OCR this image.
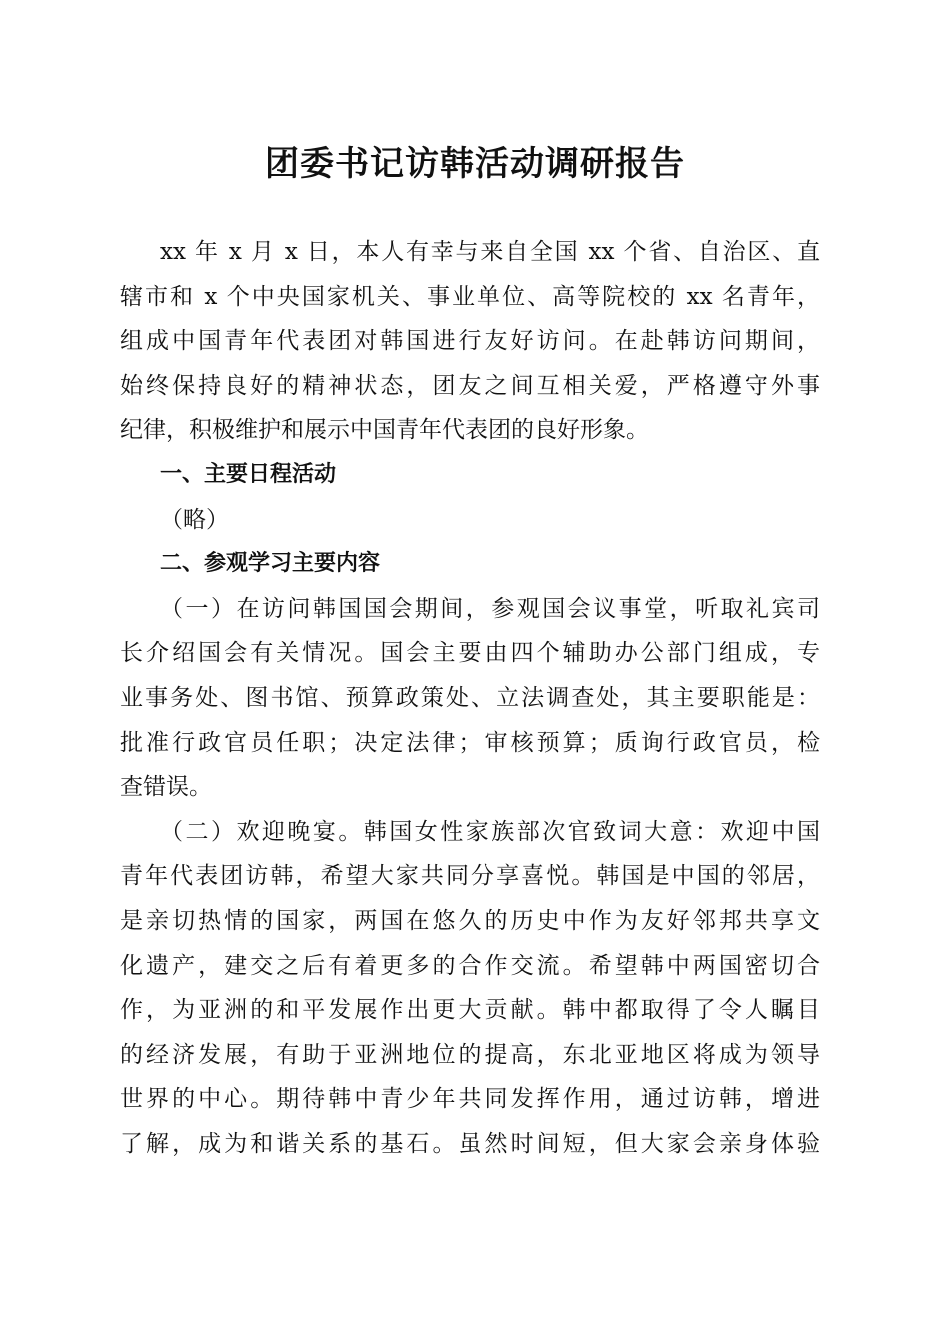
团委书记访韩活动调研报告
xx 年 x 月 x 日，本人有幸与来自全国 xx 个省、自治区、直
辖市和 x 个中央国家机关、事业单位、高等院校的 xx 名青年，
组成中国青年代表团对韩国进行友好访问。在赴韩访问期间，
始终保持良好的精神状态，团友之间互相关爱，严格遵守外事
纪律，积极维护和展示中国青年代表团的良好形象。
一、主要日程活动
（略）
二、参观学习主要内容
（一）在访问韩国国会期间，参观国会议事堂，听取礼宾司
长介绍国会有关情况。国会主要由四个辅助办公部门组成，专
业事务处、图书馆、预算政策处、立法调查处，其主要职能是：
批准行政官员任职；决定法律；审核预算；质询行政官员，检
查错误。
（二）欢迎晚宴。韩国女性家族部次官致词大意：欢迎中国
青年代表团访韩，希望大家共同分享喜悦。韩国是中国的邻居，
是亲切热情的国家，两国在悠久的历史中作为友好邻邦共享文
化遗产，建交之后有着更多的合作交流。希望韩中两国密切合
作，为亚洲的和平发展作出更大贡献。韩中都取得了令人瞩目
的经济发展，有助于亚洲地位的提高，东北亚地区将成为领导
世界的中心。期待韩中青少年共同发挥作用，通过访韩，增进
了解，成为和谐关系的基石。虽然时间短，但大家会亲身体验
